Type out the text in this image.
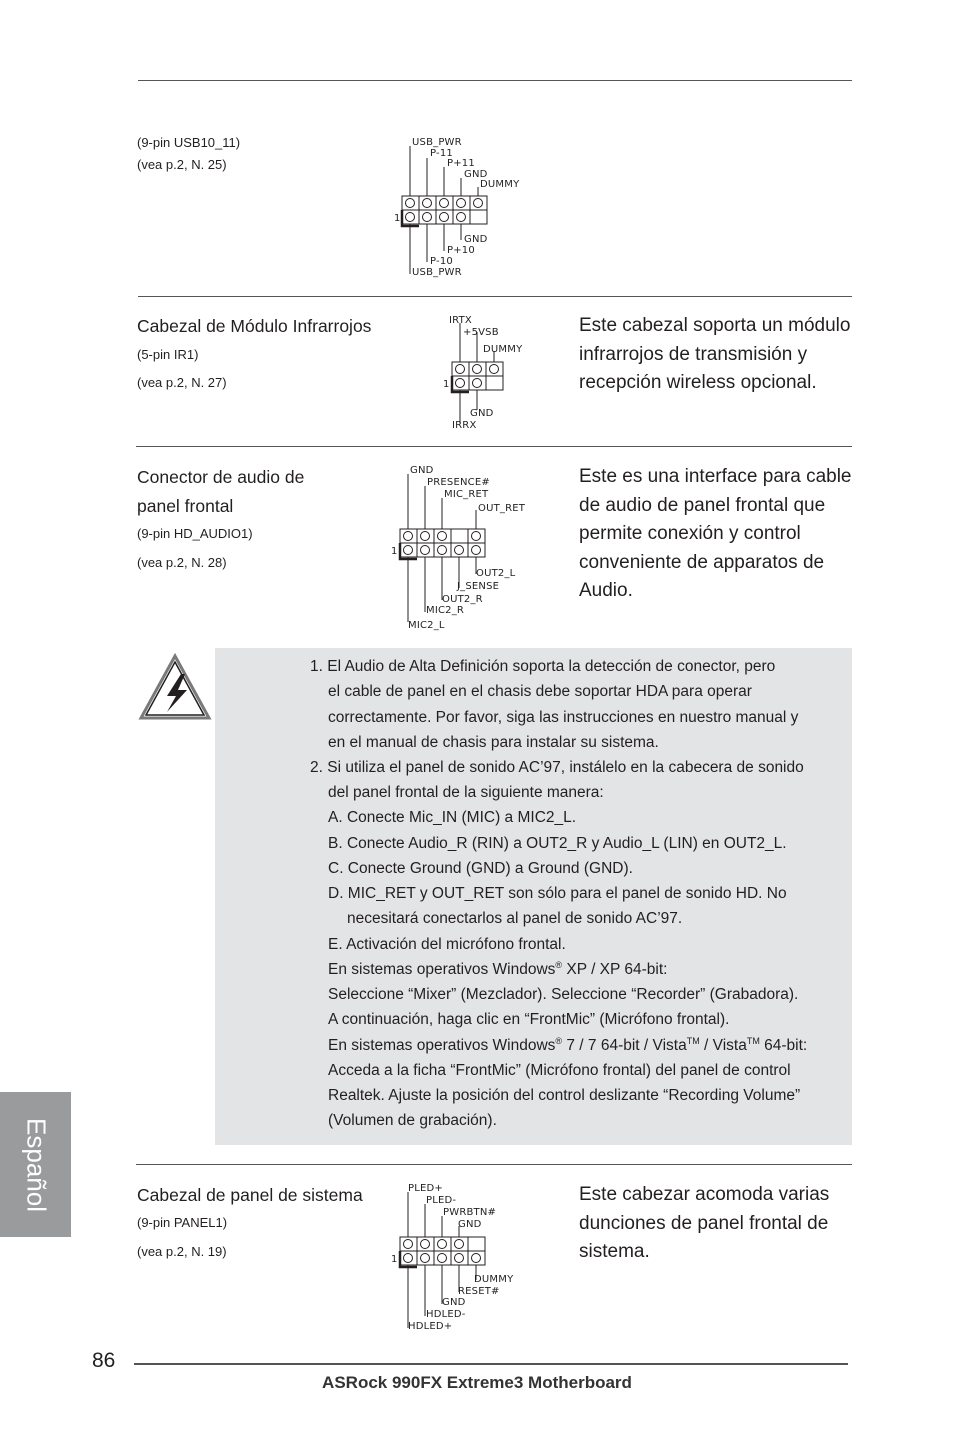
(9-pin USB10_11)
(vea p.2, N. 25)
USB_PWR
P-11
P+11
GND
DUMMY
GND
P+10
P-10
USB_PWR
1
Cabezal de Módulo Infrarrojos
(5-pin IR1)
(vea p.2, N. 27)
Este cabezal soporta un módulo infrarrojos de transmisión y recepción wireless opcional.
IRTX
+5VSB
DUMMY
GND
IRRX
1
Conector de audio de
panel frontal
(9-pin HD_AUDIO1)
(vea p.2, N. 28)
Este es una interface para cable de audio de panel frontal que permite conexión y control conveniente de apparatos de Audio.
GND
PRESENCE#
MIC_RET
OUT_RET
OUT2_L
J_SENSE
OUT2_R
MIC2_R
MIC2_L
1
1. El Audio de Alta Definición soporta la detección de conector, pero
el cable de panel en el chasis debe soportar HDA para operar
correctamente. Por favor, siga las instrucciones en nuestro manual y
en el manual de chasis para instalar su sistema.
2. Si utiliza el panel de sonido AC’97, instálelo en la cabecera de sonido
del panel frontal de la siguiente manera:
A. Conecte Mic_IN (MIC) a MIC2_L.
B. Conecte Audio_R (RIN) a OUT2_R y Audio_L (LIN) en OUT2_L.
C. Conecte Ground (GND) a Ground (GND).
D. MIC_RET y OUT_RET son sólo para el panel de sonido HD. No
necesitará conectarlos al panel de sonido AC’97.
E. Activación del micrófono frontal.
En sistemas operativos Windows® XP / XP 64-bit:
Seleccione “Mixer” (Mezclador). Seleccione “Recorder” (Grabadora).
A continuación, haga clic en “FrontMic” (Micrófono frontal).
En sistemas operativos Windows® 7 / 7 64-bit / Vista™ / Vista™ 64-bit:
Acceda a la ficha “FrontMic” (Micrófono frontal) del panel de control
Realtek. Ajuste la posición del control deslizante “Recording Volume”
(Volumen de grabación).
Español	Cabezal de panel de sistema
(9-pin PANEL1)
(vea p.2, N. 19)
Este cabezar acomoda varias dunciones de panel frontal de sistema.
PLED+
PLED-
PWRBTN#
GND
DUMMY
RESET#
GND
HDLED-
HDLED+
1
86
ASRock 990FX Extreme3 Motherboard
